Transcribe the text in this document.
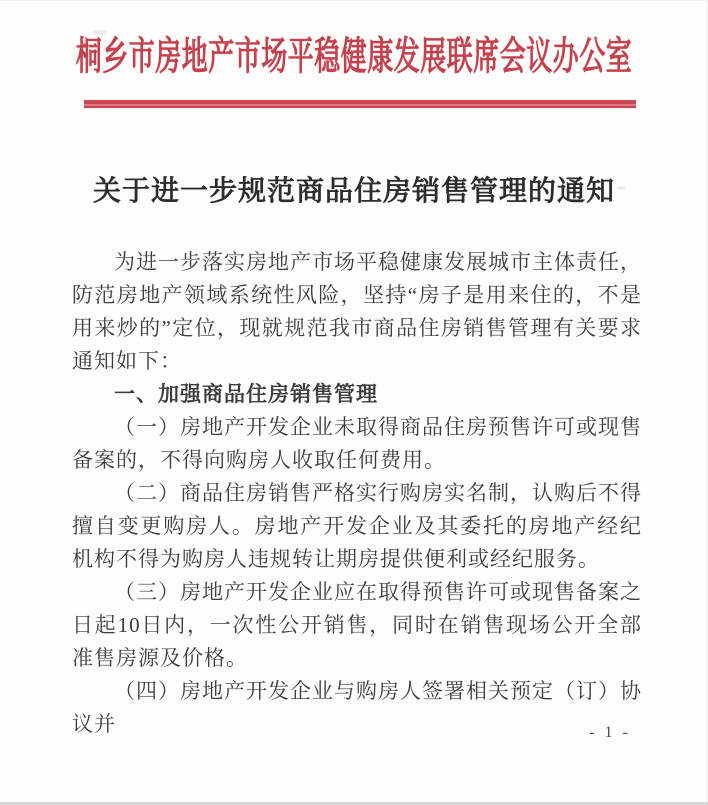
桐乡市房地产市场平稳健康发展联席会议办公室
关于进一步规范商品住房销售管理的通知

为进一步落实房地产市场平稳健康发展城市主体责任，防范房地产领域系统性风险，坚持“房子是用来住的，不是用来炒的”定位，现就规范我市商品住房销售管理有关要求通知如下：

一、加强商品住房销售管理

（一）房地产开发企业未取得商品住房预售许可或现售备案的，不得向购房人收取任何费用。

（二）商品住房销售严格实行购房实名制，认购后不得擅自变更购房人。房地产开发企业及其委托的房地产经纪机构不得为购房人违规转让期房提供便利或经纪服务。

（三）房地产开发企业应在取得预售许可或现售备案之日起10日内，一次性公开销售，同时在销售现场公开全部准售房源及价格。

（四）房地产开发企业与购房人签署相关预定（订）协议并	- 1 -
